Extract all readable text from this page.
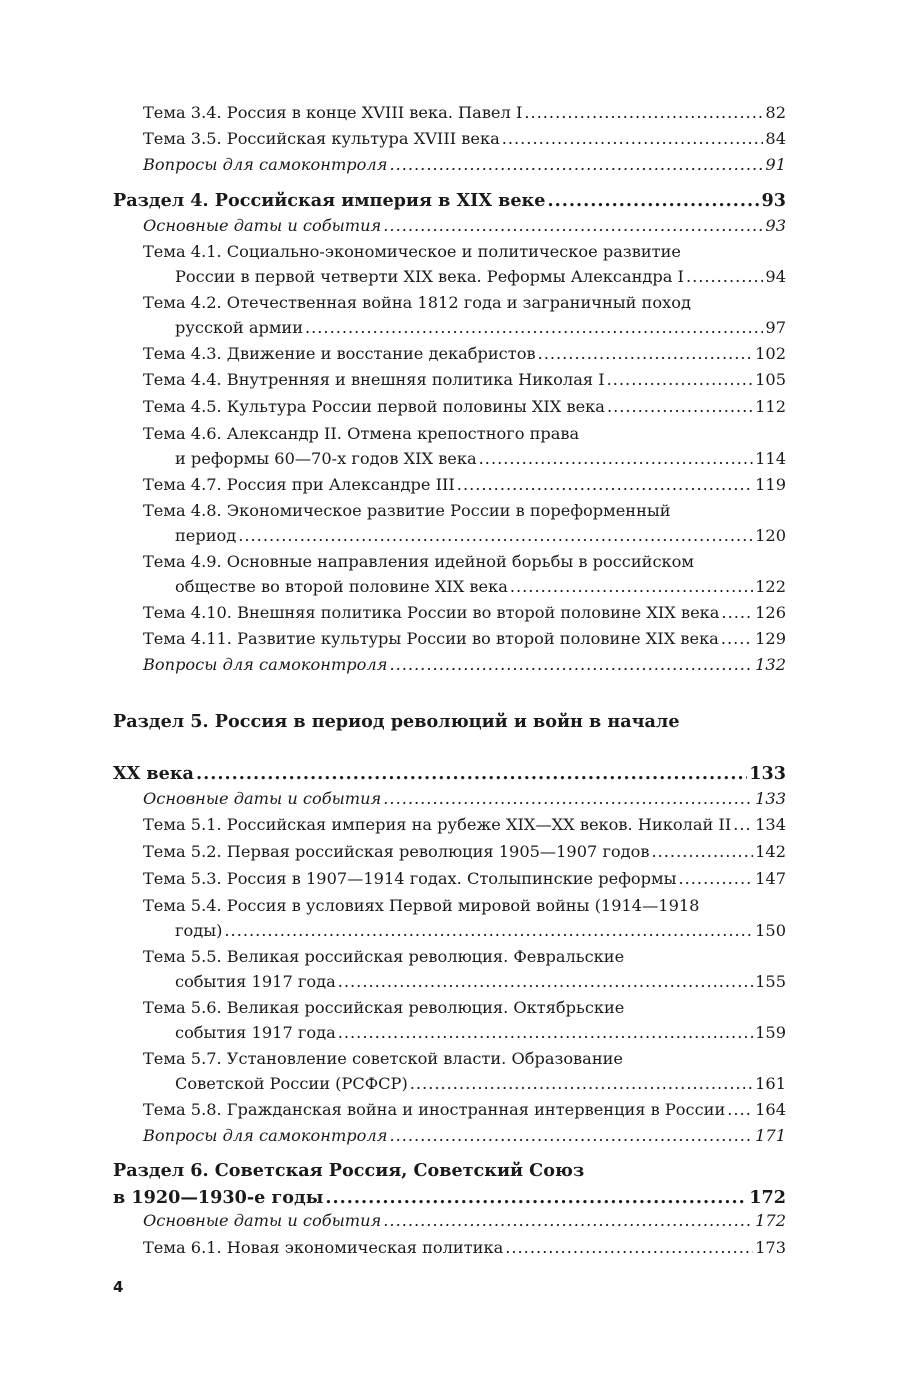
Тема 3.4. Россия в конце XVIII века. Павел I .....	82
Тема 3.5. Российская культура XVIII века .....	84
Вопросы для самоконтроля .....	91
Раздел 4. Российская империя в XIX веке .....	93
Основные даты и события .....	93
Тема 4.1. Социально-экономическое и политическое развитие
России в первой четверти XIX века. Реформы Александра I .....	94
Тема 4.2. Отечественная война 1812 года и заграничный поход
русской армии .....	97
Тема 4.3. Движение и восстание декабристов .....	102
Тема 4.4. Внутренняя и внешняя политика Николая I .....	105
Тема 4.5. Культура России первой половины XIX века .....	112
Тема 4.6. Александр II. Отмена крепостного права
и реформы 60—70-х годов XIX века .....	114
Тема 4.7. Россия при Александре III .....	119
Тема 4.8. Экономическое развитие России в пореформенный
период .....	120
Тема 4.9. Основные направления идейной борьбы в российском
обществе во второй половине XIX века .....	122
Тема 4.10. Внешняя политика России во второй половине XIX века ..... 126
Тема 4.11. Развитие культуры России во второй половине XIX века ..... 129
Вопросы для самоконтроля .....	132
Раздел 5. Россия в период революций и войн в начале
XX века .....	133
Основные даты и события .....	133
Тема 5.1. Российская империя на рубеже XIX—XX веков. Николай II ..... 134
Тема 5.2. Первая российская революция 1905—1907 годов .....	142
Тема 5.3. Россия в 1907—1914 годах. Столыпинские реформы .....	147
Тема 5.4. Россия в условиях Первой мировой войны (1914—1918
годы) .....	150
Тема 5.5. Великая российская революция. Февральские
события 1917 года .....	155
Тема 5.6. Великая российская революция. Октябрьские
события 1917 года .....	159
Тема 5.7. Установление советской власти. Образование
Советской России (РСФСР) .....	161
Тема 5.8. Гражданская война и иностранная интервенция в России ..... 164
Вопросы для самоконтроля .....	171
Раздел 6. Советская Россия, Советский Союз
в 1920—1930-е годы .....	172
Основные даты и события .....	172
Тема 6.1. Новая экономическая политика .....	173
4
